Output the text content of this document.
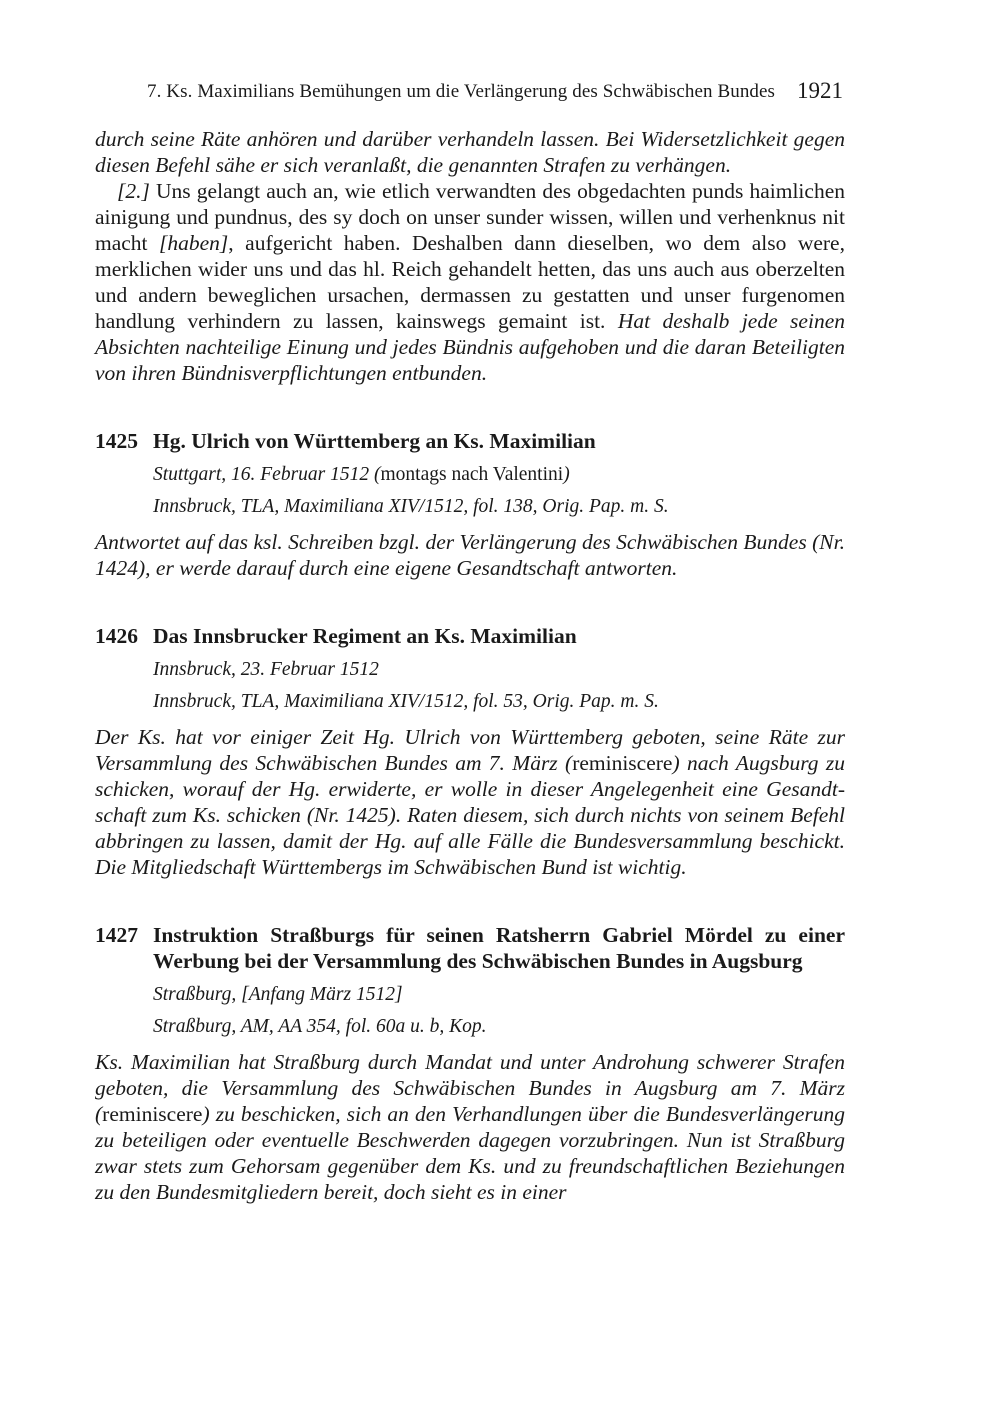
7. Ks. Maximilians Bemühungen um die Verlängerung des Schwäbischen Bundes 1921

durch seine Räte anhören und darüber verhandeln lassen. Bei Widersetzlichkeit gegen diesen Befehl sähe er sich veranlaßt, die genannten Strafen zu verhängen.

[2.] Uns gelangt auch an, wie etlich verwandten des obgedachten punds haimlichen ainigung und pundnus, des sy doch on unser sunder wissen, willen und verhenknus nit macht [haben], aufgericht haben. Deshalben dann dieselben, wo dem also were, merklichen wider uns und das hl. Reich gehandelt hetten, das uns auch aus oberzelten und andern beweglichen ursachen, dermassen zu gestatten und unser furgenomen handlung verhindern zu lassen, kainswegs gemaint ist. Hat deshalb jede seinen Absichten nachteilige Einung und jedes Bündnis aufgehoben und die daran Beteiligten von ihren Bündnisverpflichtungen entbunden.

1425 Hg. Ulrich von Württemberg an Ks. Maximilian

Stuttgart, 16. Februar 1512 (montags nach Valentini)

Innsbruck, TLA, Maximiliana XIV/1512, fol. 138, Orig. Pap. m. S.

Antwortet auf das ksl. Schreiben bzgl. der Verlängerung des Schwäbischen Bundes (Nr. 1424), er werde darauf durch eine eigene Gesandtschaft antworten.

1426 Das Innsbrucker Regiment an Ks. Maximilian

Innsbruck, 23. Februar 1512

Innsbruck, TLA, Maximiliana XIV/1512, fol. 53, Orig. Pap. m. S.

Der Ks. hat vor einiger Zeit Hg. Ulrich von Württemberg geboten, seine Räte zur Versammlung des Schwäbischen Bundes am 7. März (reminiscere) nach Augsburg zu schicken, worauf der Hg. erwiderte, er wolle in dieser Angelegenheit eine Gesandtschaft zum Ks. schicken (Nr. 1425). Raten diesem, sich durch nichts von seinem Befehl abbringen zu lassen, damit der Hg. auf alle Fälle die Bundesversammlung beschickt. Die Mitgliedschaft Württembergs im Schwäbischen Bund ist wichtig.

1427 Instruktion Straßburgs für seinen Ratsherrn Gabriel Mördel zu einer Werbung bei der Versammlung des Schwäbischen Bundes in Augsburg

Straßburg, [Anfang März 1512]

Straßburg, AM, AA 354, fol. 60a u. b, Kop.

Ks. Maximilian hat Straßburg durch Mandat und unter Androhung schwerer Strafen geboten, die Versammlung des Schwäbischen Bundes in Augsburg am 7. März (reminiscere) zu beschicken, sich an den Verhandlungen über die Bundesverlängerung zu beteiligen oder eventuelle Beschwerden dagegen vorzubringen. Nun ist Straßburg zwar stets zum Gehorsam gegenüber dem Ks. und zu freundschaftlichen Beziehungen zu den Bundesmitgliedern bereit, doch sieht es in einer
